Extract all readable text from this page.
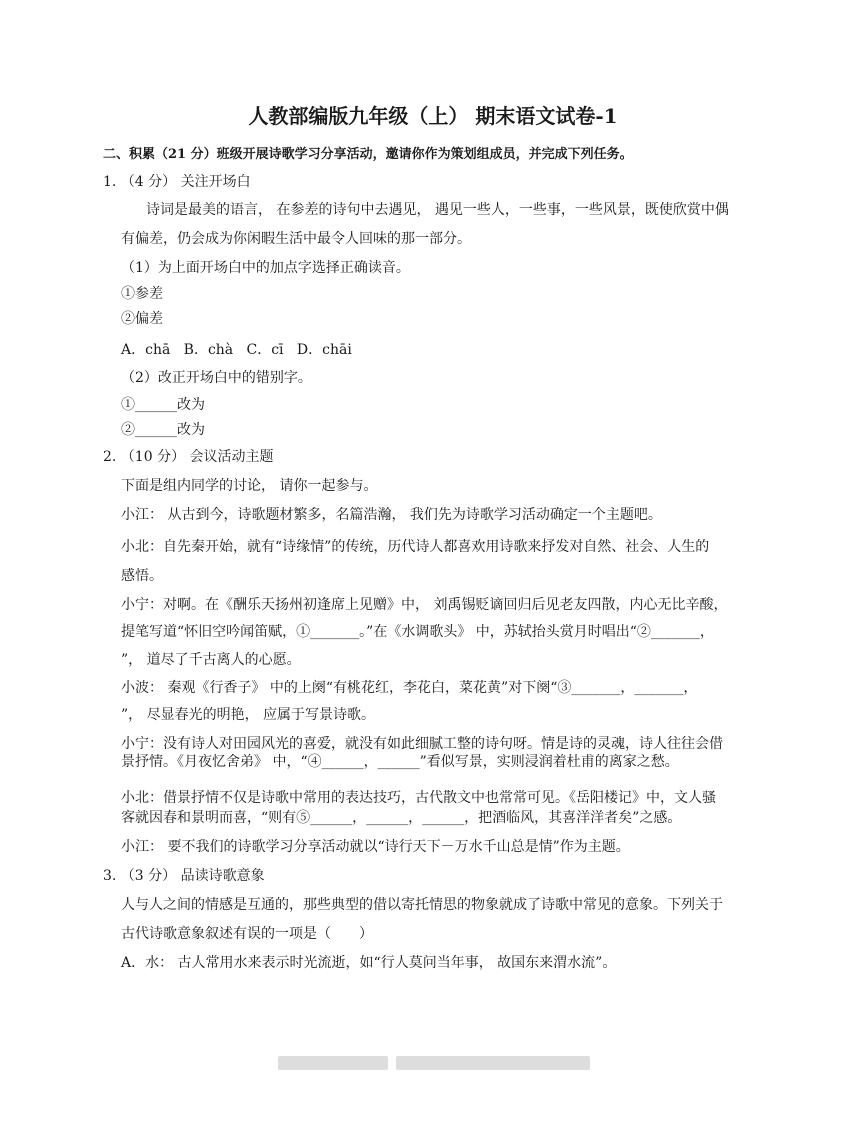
人教部编版九年级（上） 期末语文试卷-1
二、积累（21 分）班级开展诗歌学习分享活动，邀请你作为策划组成员，并完成下列任务。
1. （4 分） 关注开场白
诗词是最美的语言， 在参差的诗句中去遇见， 遇见一些人，一些事，一些风景，既使欣赏中偶
有偏差，仍会成为你闲暇生活中最令人回味的那一部分。
（1）为上面开场白中的加点字选择正确读音。
①参差
②偏差
A．chā   B．chà   C．cī   D．chāi
（2）改正开场白中的错别字。
①______改为
②______改为
2. （10 分） 会议活动主题
下面是组内同学的讨论， 请你一起参与。
小江： 从古到今，诗歌题材繁多，名篇浩瀚， 我们先为诗歌学习活动确定一个主题吧。
小北：自先秦开始，就有“诗缘情”的传统，历代诗人都喜欢用诗歌来抒发对自然、社会、人生的
感悟。
小宁：对啊。在《酬乐天扬州初逢席上见赠》中， 刘禹锡贬谪回归后见老友四散，内心无比辛酸，
提笔写道“怀旧空吟闻笛赋，①_______。”在《水调歌头》 中，苏轼抬头赏月时唱出“②_______，
”， 道尽了千古离人的心愿。
小波： 秦观《行香子》 中的上阕“有桃花红，李花白，菜花黄”对下阕“③_______，_______，
”， 尽显春光的明艳， 应属于写景诗歌。
小宁：没有诗人对田园风光的喜爱，就没有如此细腻工整的诗句呀。情是诗的灵魂，诗人往往会借
景抒情。《月夜忆舍弟》 中，“④______，______”看似写景，实则浸润着杜甫的离家之愁。
小北：借景抒情不仅是诗歌中常用的表达技巧，古代散文中也常常可见。《岳阳楼记》中，文人骚
客就因春和景明而喜，“则有⑤______，______，______，把酒临风，其喜洋洋者矣”之感。
小江： 要不我们的诗歌学习分享活动就以“诗行天下－万水千山总是情”作为主题。
3. （3 分） 品读诗歌意象
人与人之间的情感是互通的，那些典型的借以寄托情思的物象就成了诗歌中常见的意象。下列关于
古代诗歌意象叙述有误的一项是（　　）
A．水： 古人常用水来表示时光流逝，如“行人莫问当年事， 故国东来渭水流”。
